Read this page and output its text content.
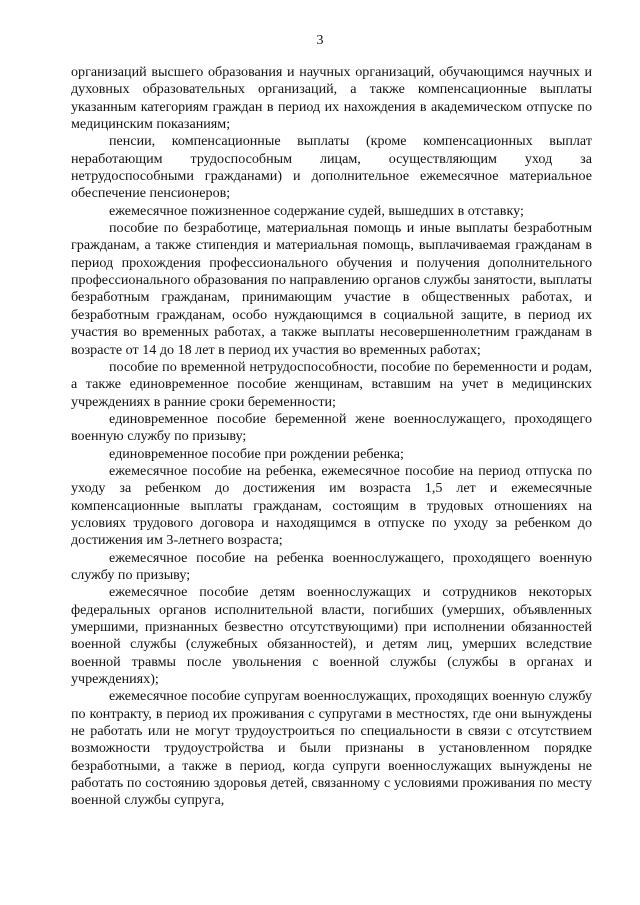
3

организаций высшего образования и научных организаций, обучающимся научных и духовных образовательных организаций, а также компенсационные выплаты указанным категориям граждан в период их нахождения в академическом отпуске по медицинским показаниям;

пенсии, компенсационные выплаты (кроме компенсационных выплат неработающим трудоспособным лицам, осуществляющим уход за нетрудоспособными гражданами) и дополнительное ежемесячное материальное обеспечение пенсионеров;

ежемесячное пожизненное содержание судей, вышедших в отставку;

пособие по безработице, материальная помощь и иные выплаты безработным гражданам, а также стипендия и материальная помощь, выплачиваемая гражданам в период прохождения профессионального обучения и получения дополнительного профессионального образования по направлению органов службы занятости, выплаты безработным гражданам, принимающим участие в общественных работах, и безработным гражданам, особо нуждающимся в социальной защите, в период их участия во временных работах, а также выплаты несовершеннолетним гражданам в возрасте от 14 до 18 лет в период их участия во временных работах;

пособие по временной нетрудоспособности, пособие по беременности и родам, а также единовременное пособие женщинам, вставшим на учет в медицинских учреждениях в ранние сроки беременности;

единовременное пособие беременной жене военнослужащего, проходящего военную службу по призыву;

единовременное пособие при рождении ребенка;

ежемесячное пособие на ребенка, ежемесячное пособие на период отпуска по уходу за ребенком до достижения им возраста 1,5 лет и ежемесячные компенсационные выплаты гражданам, состоящим в трудовых отношениях на условиях трудового договора и находящимся в отпуске по уходу за ребенком до достижения им 3-летнего возраста;

ежемесячное пособие на ребенка военнослужащего, проходящего военную службу по призыву;

ежемесячное пособие детям военнослужащих и сотрудников некоторых федеральных органов исполнительной власти, погибших (умерших, объявленных умершими, признанных безвестно отсутствующими) при исполнении обязанностей военной службы (служебных обязанностей), и детям лиц, умерших вследствие военной травмы после увольнения с военной службы (службы в органах и учреждениях);

ежемесячное пособие супругам военнослужащих, проходящих военную службу по контракту, в период их проживания с супругами в местностях, где они вынуждены не работать или не могут трудоустроиться по специальности в связи с отсутствием возможности трудоустройства и были признаны в установленном порядке безработными, а также в период, когда супруги военнослужащих вынуждены не работать по состоянию здоровья детей, связанному с условиями проживания по месту военной службы супруга,
